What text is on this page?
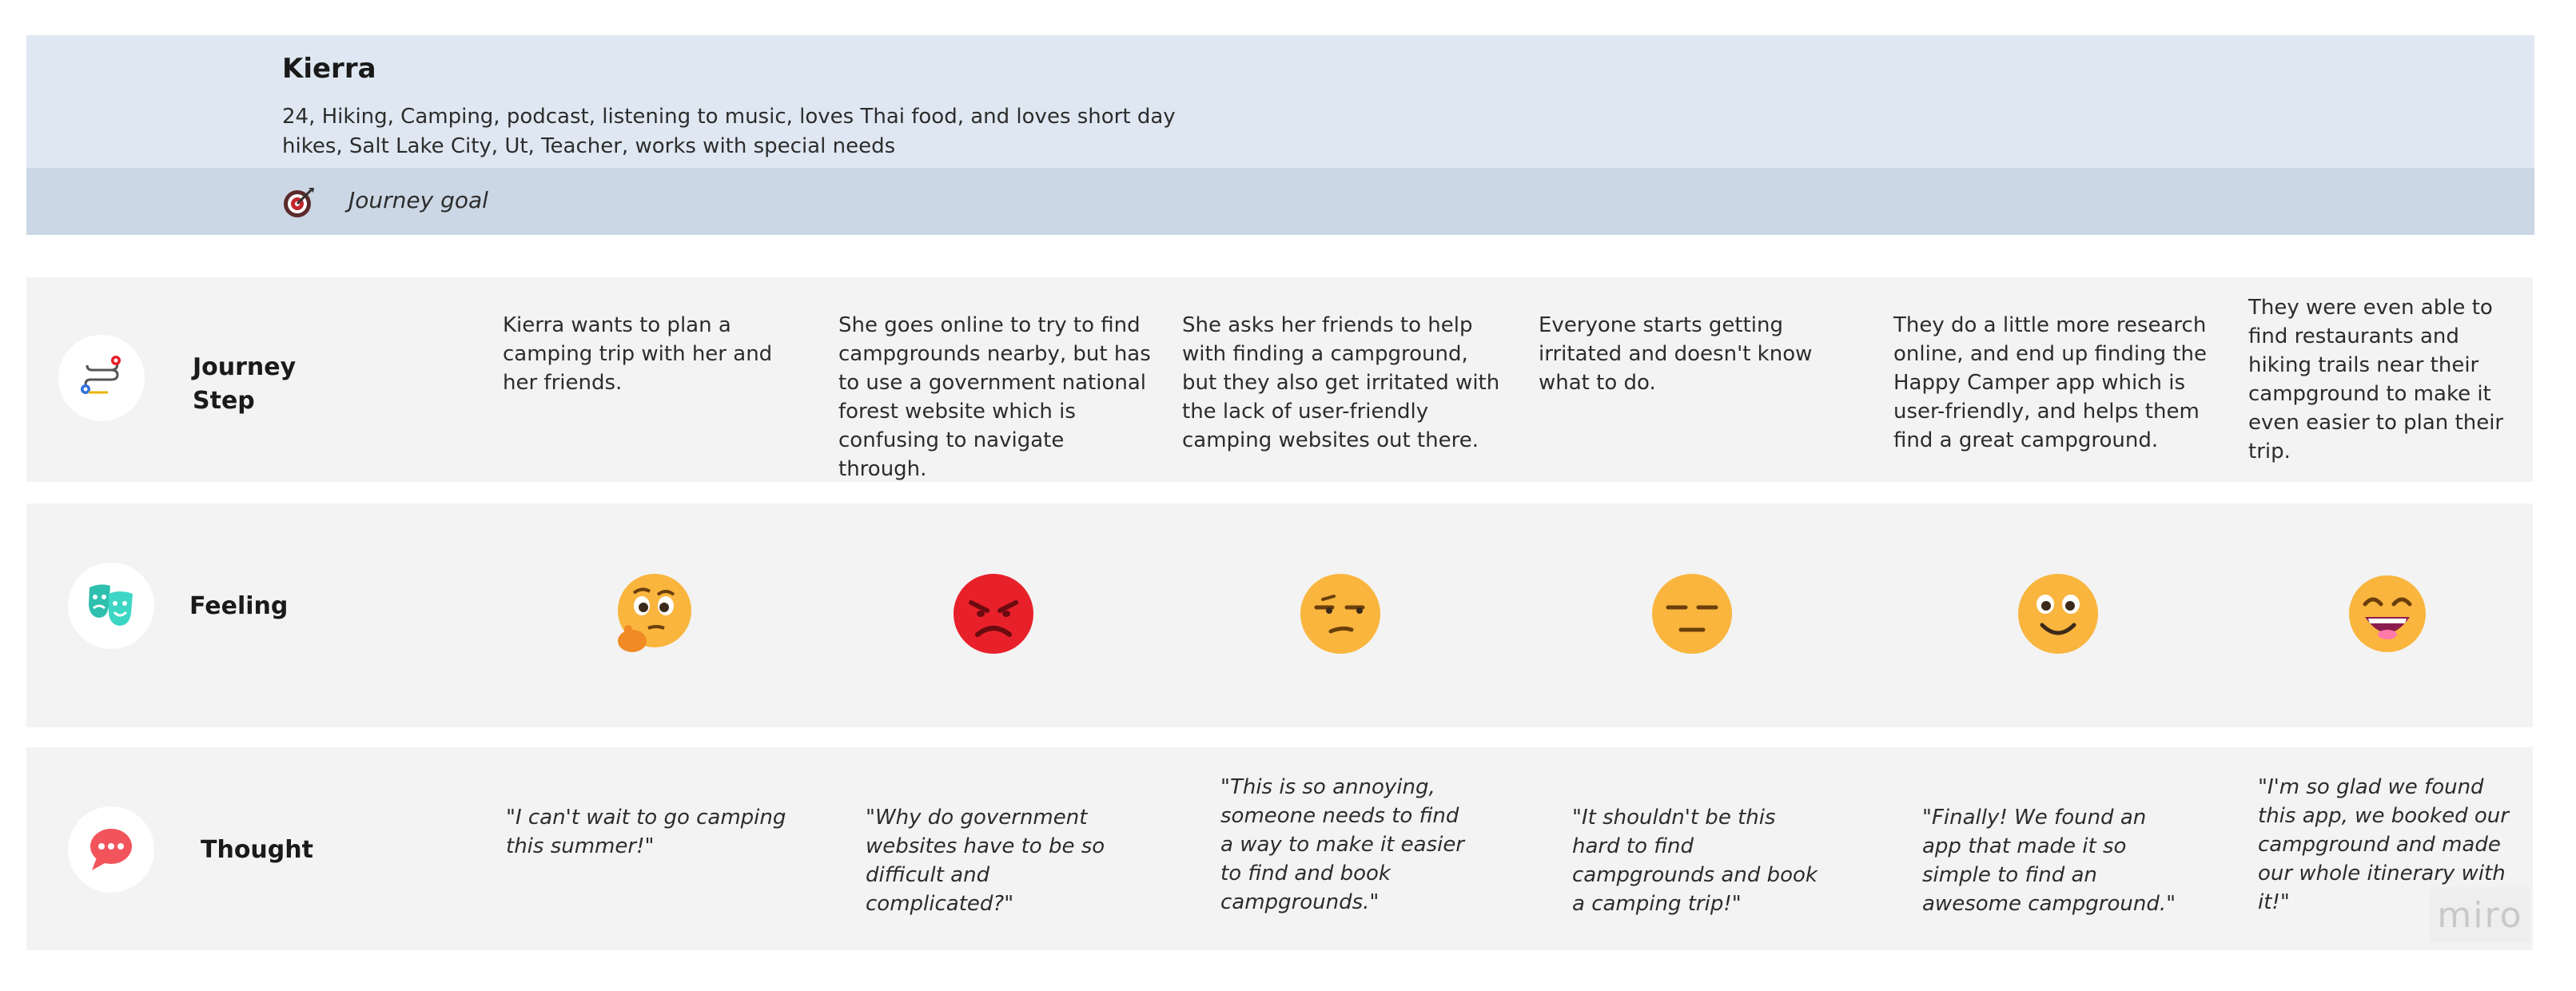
Kierra
24, Hiking, Camping, podcast, listening to music, loves Thai food, and loves short day hikes, Salt Lake City, Ut, Teacher, works with special needs
Journey goal
Journey Step
Kierra wants to plan a camping trip with her and her friends.
She goes online to try to find campgrounds nearby, but has to use a government national forest website which is confusing to navigate through.
She asks her friends to help with finding a campground, but they also get irritated with the lack of user-friendly camping websites out there.
Everyone starts getting irritated and doesn't know what to do.
They do a little more research online, and end up finding the Happy Camper app which is user-friendly, and helps them find a great campground.
They were even able to find restaurants and hiking trails near their campground to make it even easier to plan their trip.
Feeling
Thought
"I can't wait to go camping this summer!"
"Why do government websites have to be so difficult and complicated?"
"This is so annoying, someone needs to find a way to make it easier to find and book campgrounds."
"It shouldn't be this hard to find campgrounds and book a camping trip!"
"Finally! We found an app that made it so simple to find an awesome campground."
"I'm so glad we found this app, we booked our campground and made our whole itinerary with it!"	miro
